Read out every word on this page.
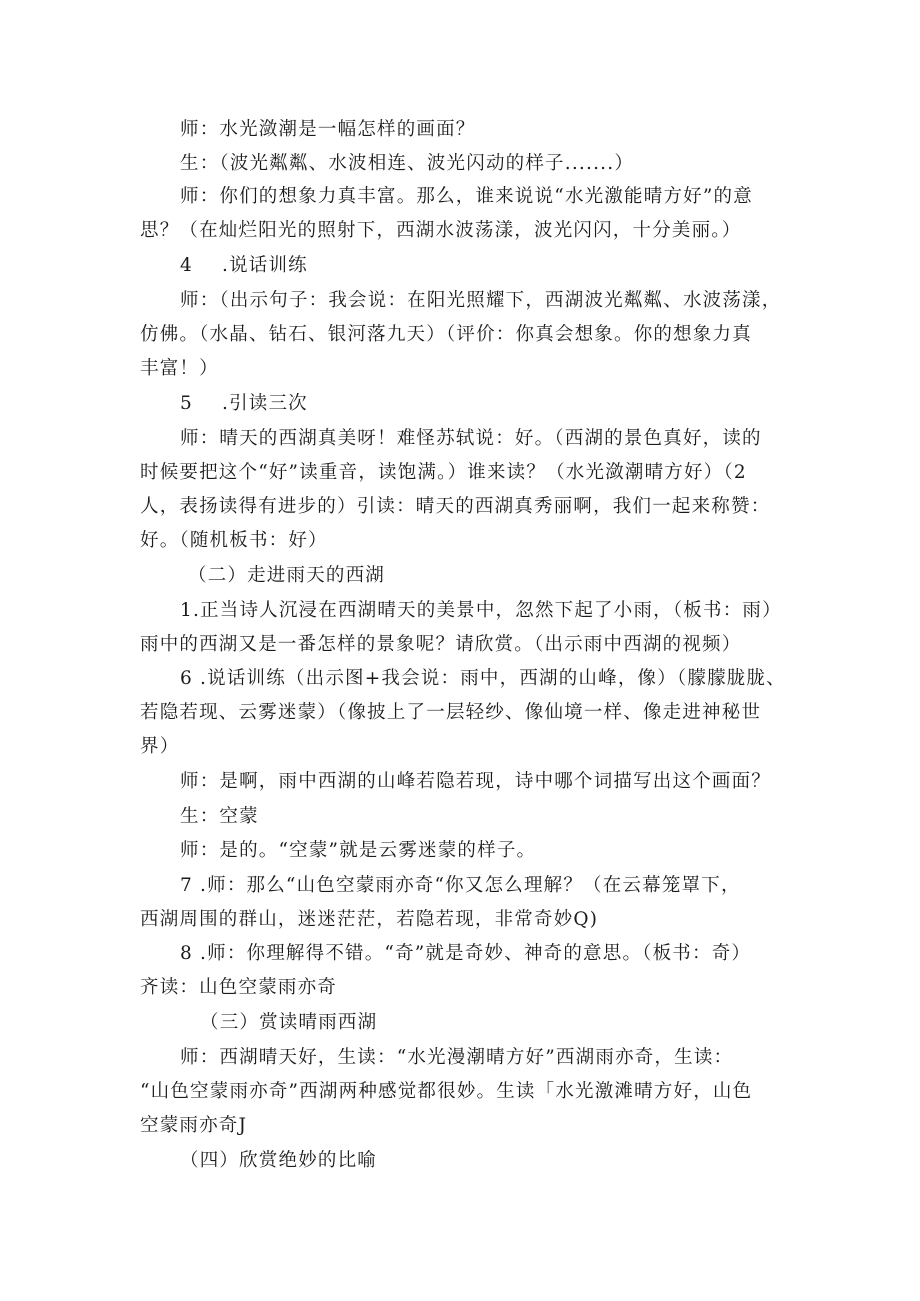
师：水光潋潮是一幅怎样的画面？
生：（波光粼粼、水波相连、波光闪动的样子.......）
师：你们的想象力真丰富。那么，谁来说说“水光激能晴方好”的意
思？（在灿烂阳光的照射下，西湖水波荡漾，波光闪闪，十分美丽。）
4 .说话训练
师：（出示句子：我会说：在阳光照耀下，西湖波光粼粼、水波荡漾，
仿佛。（水晶、钻石、银河落九天）（评价：你真会想象。你的想象力真
丰富！）
5 .引读三次
师：晴天的西湖真美呀！难怪苏轼说：好。（西湖的景色真好，读的
时候要把这个“好”读重音，读饱满。）谁来读？（水光潋潮晴方好）（2
人，表扬读得有进步的）引读：晴天的西湖真秀丽啊，我们一起来称赞：
好。（随机板书：好）
（二）走进雨天的西湖
1.正当诗人沉浸在西湖晴天的美景中，忽然下起了小雨，（板书：雨）
雨中的西湖又是一番怎样的景象呢？请欣赏。（出示雨中西湖的视频）
6 .说话训练（出示图+我会说：雨中，西湖的山峰，像）（朦朦胧胧、
若隐若现、云雾迷蒙）（像披上了一层轻纱、像仙境一样、像走进神秘世
界）
师：是啊，雨中西湖的山峰若隐若现，诗中哪个词描写出这个画面？
生：空蒙
师：是的。“空蒙”就是云雾迷蒙的样子。
7 .师：那么“山色空蒙雨亦奇“你又怎么理解？（在云幕笼罩下，
西湖周围的群山，迷迷茫茫，若隐若现，非常奇妙Q)
8 .师：你理解得不错。“奇”就是奇妙、神奇的意思。（板书：奇）
齐读：山色空蒙雨亦奇
（三）赏读晴雨西湖
师：西湖晴天好，生读：“水光漫潮晴方好”西湖雨亦奇，生读：
“山色空蒙雨亦奇”西湖两种感觉都很妙。生读「水光激滩晴方好，山色
空蒙雨亦奇J
（四）欣赏绝妙的比喻
